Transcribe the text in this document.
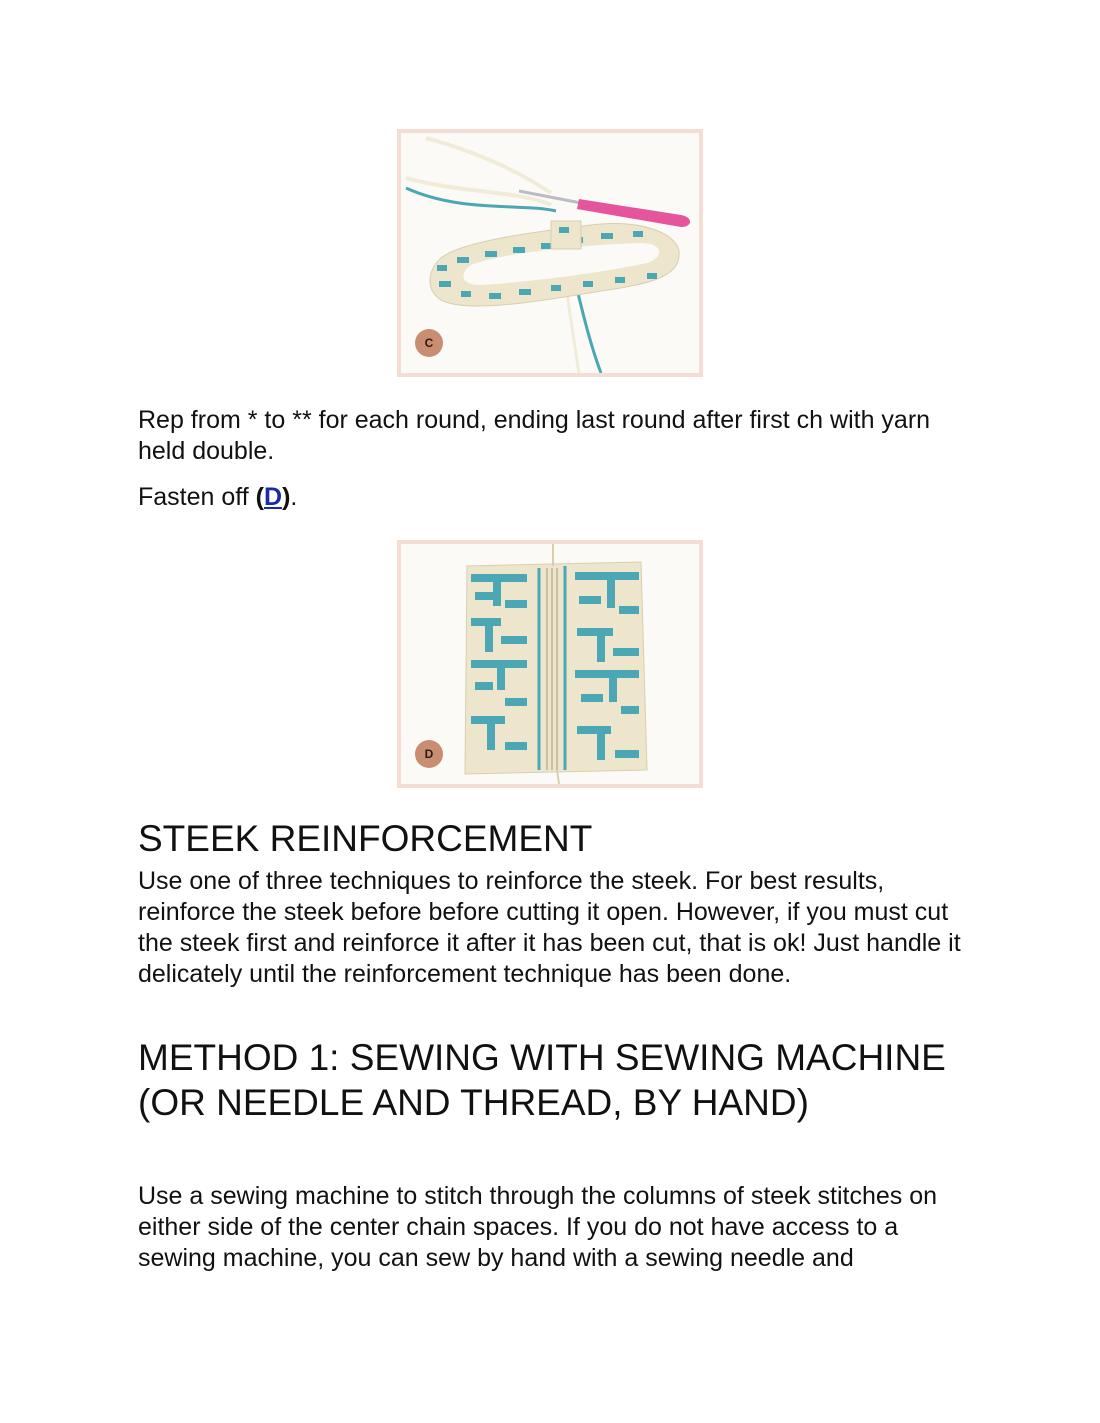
C

Rep from * to ** for each round, ending last round after first ch with yarn held double.

Fasten off (D).

D
STEEK REINFORCEMENT

Use one of three techniques to reinforce the steek. For best results, reinforce the steek before before cutting it open. However, if you must cut the steek first and reinforce it after it has been cut, that is ok! Just handle it delicately until the reinforcement technique has been done.

METHOD 1: SEWING WITH SEWING MACHINE (OR NEEDLE AND THREAD, BY HAND)

Use a sewing machine to stitch through the columns of steek stitches on either side of the center chain spaces. If you do not have access to a sewing machine, you can sew by hand with a sewing needle and
